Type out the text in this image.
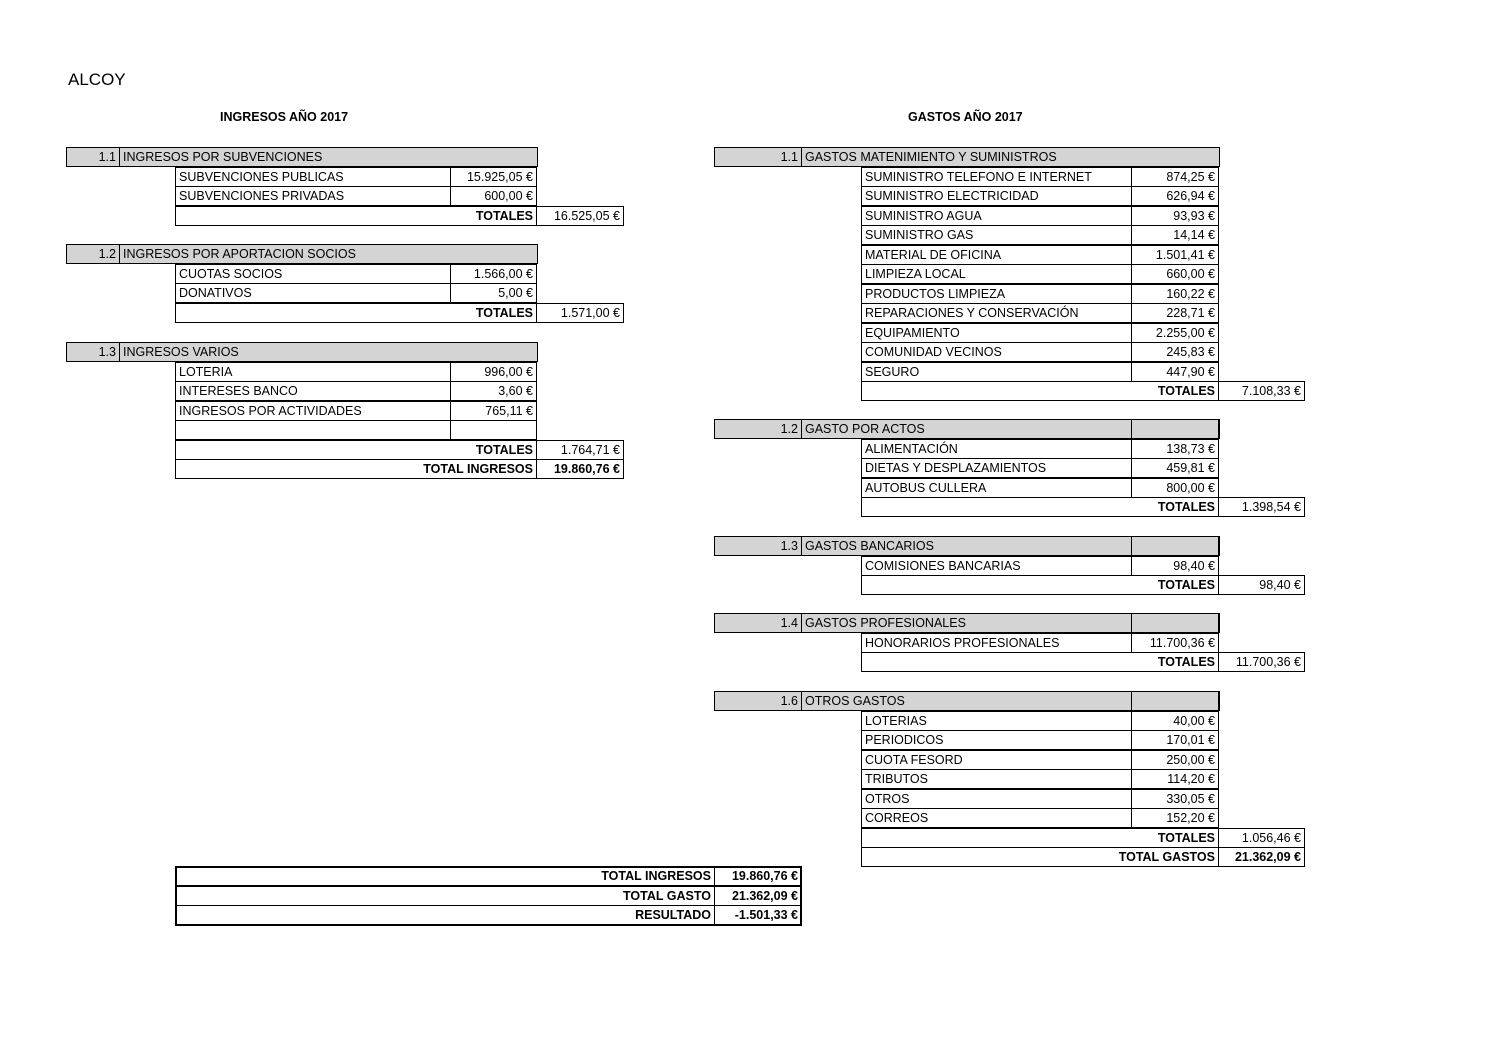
ALCOY
INGRESOS AÑO 2017	GASTOS AÑO 2017
1.1 INGRESOS POR SUBVENCIONES
SUBVENCIONES PUBLICAS	15.925,05 €
SUBVENCIONES PRIVADAS	600,00 €
TOTALES	16.525,05 €
1.2 INGRESOS POR APORTACION SOCIOS
CUOTAS SOCIOS	1.566,00 €
DONATIVOS	5,00 €
TOTALES	1.571,00 €
1.3 INGRESOS VARIOS
LOTERIA	996,00 €
INTERESES BANCO	3,60 €
INGRESOS POR ACTIVIDADES	765,11 €
TOTALES	1.764,71 €
TOTAL INGRESOS	19.860,76 €
1.1 GASTOS MATENIMIENTO Y SUMINISTROS
SUMINISTRO TELEFONO E INTERNET	874,25 €
SUMINISTRO ELECTRICIDAD	626,94 €
SUMINISTRO AGUA	93,93 €
SUMINISTRO GAS	14,14 €
MATERIAL DE OFICINA	1.501,41 €
LIMPIEZA LOCAL	660,00 €
PRODUCTOS LIMPIEZA	160,22 €
REPARACIONES Y CONSERVACIÓN	228,71 €
EQUIPAMIENTO	2.255,00 €
COMUNIDAD VECINOS	245,83 €
SEGURO	447,90 €
TOTALES	7.108,33 €
1.2 GASTO POR ACTOS
ALIMENTACIÓN	138,73 €
DIETAS Y DESPLAZAMIENTOS	459,81 €
AUTOBUS CULLERA	800,00 €
TOTALES	1.398,54 €
1.3 GASTOS BANCARIOS
COMISIONES BANCARIAS	98,40 €
TOTALES	98,40 €
1.4 GASTOS PROFESIONALES
HONORARIOS PROFESIONALES	11.700,36 €
TOTALES	11.700,36 €
1.6 OTROS GASTOS
LOTERIAS	40,00 €
PERIODICOS	170,01 €
CUOTA FESORD	250,00 €
TRIBUTOS	114,20 €
OTROS	330,05 €
CORREOS	152,20 €
TOTALES	1.056,46 €
TOTAL GASTOS	21.362,09 €
TOTAL INGRESOS	19.860,76 €
TOTAL GASTO	21.362,09 €
RESULTADO	-1.501,33 €
